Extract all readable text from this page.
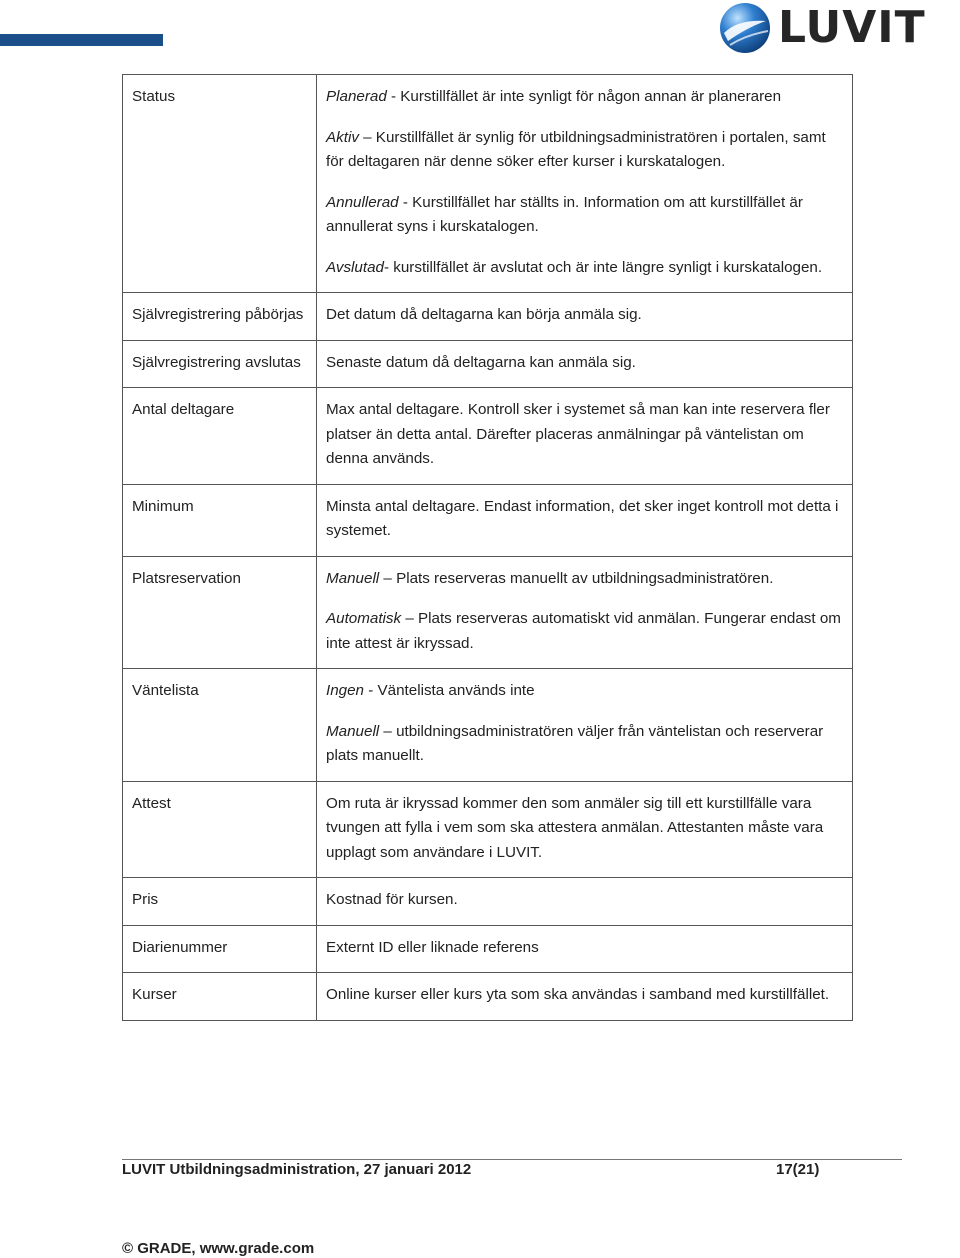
LUVIT
Status	Planerad - Kurstillfället är inte synligt för någon annan är planeraren

Aktiv – Kurstillfället är synlig för utbildningsadministratören i portalen, samt för deltagaren när denne söker efter kurser i kurskatalogen.

Annullerad - Kurstillfället har ställts in. Information om att kurstillfället är annullerat syns i kurskatalogen.

Avslutad- kurstillfället är avslutat och är inte längre synligt i kurskatalogen.

Självregistrering påbörjas	Det datum då deltagarna kan börja anmäla sig.

Självregistrering avslutas	Senaste datum då deltagarna kan anmäla sig.

Antal deltagare	Max antal deltagare. Kontroll sker i systemet så man kan inte reservera fler platser än detta antal. Därefter placeras anmälningar på väntelistan om denna används.

Minimum	Minsta antal deltagare. Endast information, det sker inget kontroll mot detta i systemet.

Platsreservation	Manuell – Plats reserveras manuellt av utbildningsadministratören.

Automatisk – Plats reserveras automatiskt vid anmälan. Fungerar endast om inte attest är ikryssad.

Väntelista	Ingen - Väntelista används inte

Manuell – utbildningsadministratören väljer från väntelistan och reserverar plats manuellt.

Attest	Om ruta är ikryssad kommer den som anmäler sig till ett kurstillfälle vara tvungen att fylla i vem som ska attestera anmälan. Attestanten måste vara upplagt som användare i LUVIT.

Pris	Kostnad för kursen.

Diarienummer	Externt ID eller liknade referens

Kurser	Online kurser eller kurs yta som ska användas i samband med kurstillfället.

LUVIT Utbildningsadministration, 27 januari 2012	17(21)
© GRADE, www.grade.com
